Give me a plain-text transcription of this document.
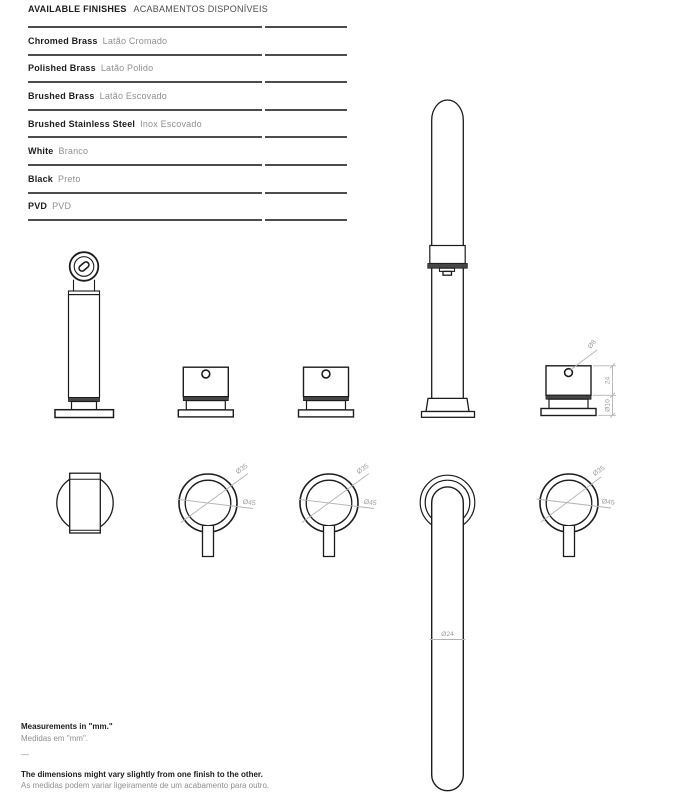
Ø8
24
Ø10
Ø35
Ø45
Ø35
Ø45
Ø24
Ø35
Ø45
AVAILABLE FINISHES ACABAMENTOS DISPONÍVEIS
Chromed Brass Latão Cromado
Polished Brass Latão Polido
Brushed Brass Latão Escovado
Brushed Stainless Steel Inox Escovado
White Branco
Black Preto
PVD PVD
Measurements in "mm."
Medidas em "mm".
—
The dimensions might vary slightly from one finish to the other.
As medidas podem variar ligeiramente de um acabamento para outro.
